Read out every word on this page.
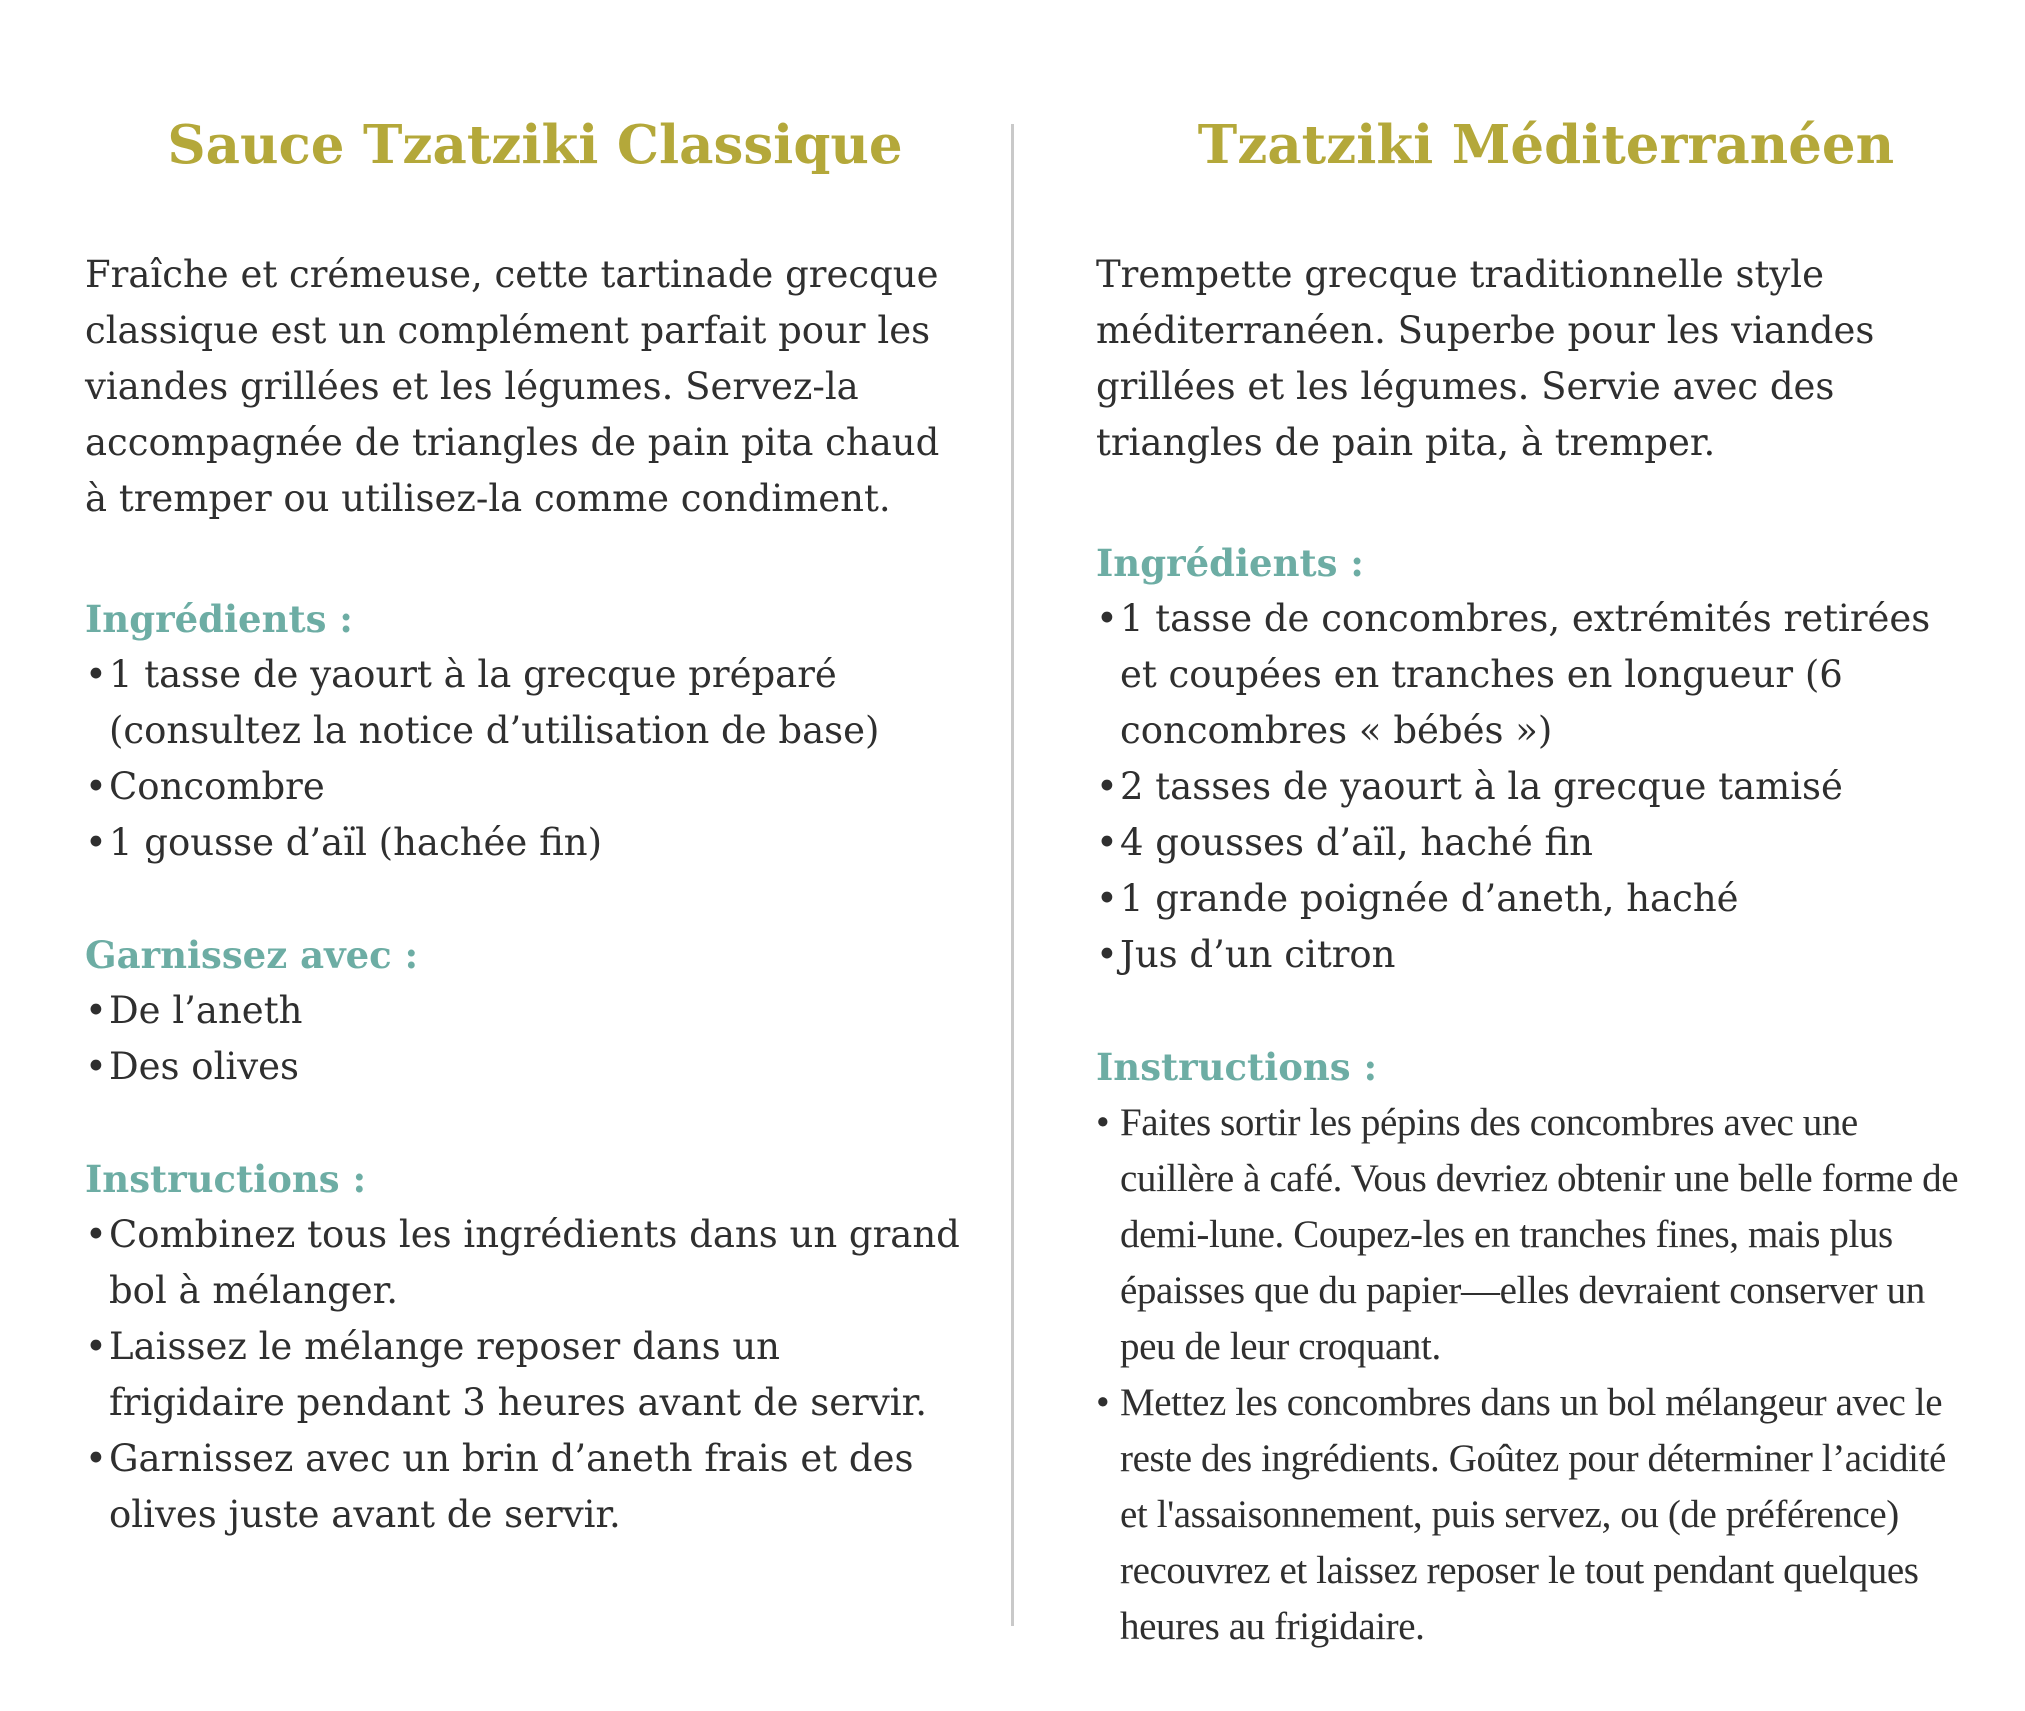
Sauce Tzatziki Classique

Fraîche et crémeuse, cette tartinade grecque classique est un complément parfait pour les viandes grillées et les légumes. Servez-la accompagnée de triangles de pain pita chaud à tremper ou utilisez-la comme condiment.

Ingrédients :
• 1 tasse de yaourt à la grecque préparé (consultez la notice d’utilisation de base)
• Concombre
• 1 gousse d’aïl (hachée fin)
Garnissez avec :
• De l’aneth
• Des olives
Instructions :
• Combinez tous les ingrédients dans un grand bol à mélanger.
• Laissez le mélange reposer dans un frigidaire pendant 3 heures avant de servir.
• Garnissez avec un brin d’aneth frais et des olives juste avant de servir.
Tzatziki Méditerranéen

Trempette grecque traditionnelle style méditerranéen. Superbe pour les viandes grillées et les légumes. Servie avec des triangles de pain pita, à tremper.

Ingrédients :
• 1 tasse de concombres, extrémités retirées et coupées en tranches en longueur (6 concombres « bébés »)
• 2 tasses de yaourt à la grecque tamisé
• 4 gousses d’aïl, haché fin
• 1 grande poignée d’aneth, haché
• Jus d’un citron
Instructions :
• Faites sortir les pépins des concombres avec une cuillère à café. Vous devriez obtenir une belle forme de demi-lune. Coupez-les en tranches fines, mais plus épaisses que du papier—elles devraient conserver un peu de leur croquant.
• Mettez les concombres dans un bol mélangeur avec le reste des ingrédients. Goûtez pour déterminer l’acidité et l'assaisonnement, puis servez, ou (de préférence) recouvrez et laissez reposer le tout pendant quelques heures au frigidaire.
